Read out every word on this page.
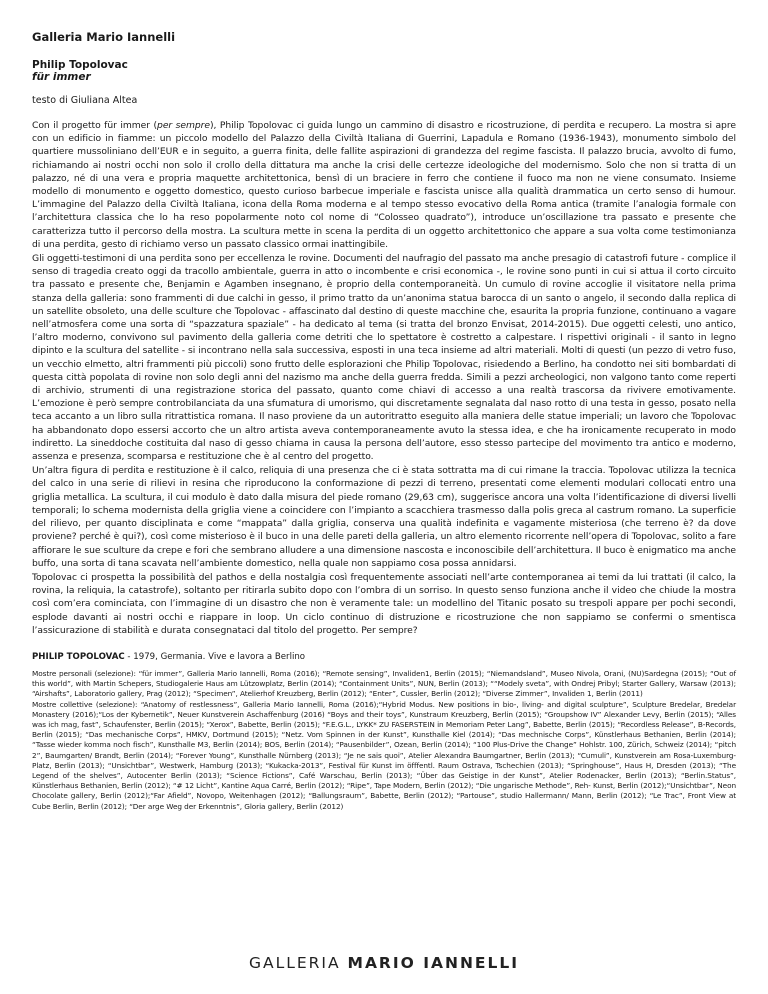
Galleria Mario Iannelli
Philip Topolovac
für immer
testo di Giuliana Altea

Con il progetto für immer (per sempre), Philip Topolovac ci guida lungo un cammino di disastro e ricostruzione, di perdita e recupero. La mostra si apre con un edificio in fiamme: un piccolo modello del Palazzo della Civiltà Italiana di Guerrini, Lapadula e Romano (1936-1943), monumento simbolo del quartiere mussoliniano dell’EUR e in seguito, a guerra finita, delle fallite aspirazioni di grandezza del regime fascista. Il palazzo brucia, avvolto di fumo, richiamando ai nostri occhi non solo il crollo della dittatura ma anche la crisi delle certezze ideologiche del modernismo. Solo che non si tratta di un palazzo, né di una vera e propria maquette architettonica, bensì di un braciere in ferro che contiene il fuoco ma non ne viene consumato. Insieme modello di monumento e oggetto domestico, questo curioso barbecue imperiale e fascista unisce alla qualità drammatica un certo senso di humour. L’immagine del Palazzo della Civiltà Italiana, icona della Roma moderna e al tempo stesso evocativo della Roma antica (tramite l’analogia formale con l’architettura classica che lo ha reso popolarmente noto col nome di “Colosseo quadrato”), introduce un’oscillazione tra passato e presente che caratterizza tutto il percorso della mostra. La scultura mette in scena la perdita di un oggetto architettonico che appare a sua volta come testimonianza di una perdita, gesto di richiamo verso un passato classico ormai inattingibile.

Gli oggetti-testimoni di una perdita sono per eccellenza le rovine. Documenti del naufragio del passato ma anche presagio di catastrofi future - complice il senso di tragedia creato oggi da tracollo ambientale, guerra in atto o incombente e crisi economica -, le rovine sono punti in cui si attua il corto circuito tra passato e presente che, Benjamin e Agamben insegnano, è proprio della contemporaneità. Un cumulo di rovine accoglie il visitatore nella prima stanza della galleria: sono frammenti di due calchi in gesso, il primo tratto da un’anonima statua barocca di un santo o angelo, il secondo dalla replica di un satellite obsoleto, una delle sculture che Topolovac - affascinato dal destino di queste macchine che, esaurita la propria funzione, continuano a vagare nell’atmosfera come una sorta di “spazzatura spaziale” - ha dedicato al tema (si tratta del bronzo Envisat, 2014-2015). Due oggetti celesti, uno antico, l’altro moderno, convivono sul pavimento della galleria come detriti che lo spettatore è costretto a calpestare. I rispettivi originali - il santo in legno dipinto e la scultura del satellite - si incontrano nella sala successiva, esposti in una teca insieme ad altri materiali. Molti di questi (un pezzo di vetro fuso, un vecchio elmetto, altri frammenti più piccoli) sono frutto delle esplorazioni che Philip Topolovac, risiedendo a Berlino, ha condotto nei siti bombardati di questa città popolata di rovine non solo degli anni del nazismo ma anche della guerra fredda. Simili a pezzi archeologici, non valgono tanto come reperti di archivio, strumenti di una registrazione storica del passato, quanto come chiavi di accesso a una realtà trascorsa da rivivere emotivamente. L’emozione è però sempre controbilanciata da una sfumatura di umorismo, qui discretamente segnalata dal naso rotto di una testa in gesso, posato nella teca accanto a un libro sulla ritrattistica romana. Il naso proviene da un autoritratto eseguito alla maniera delle statue imperiali; un lavoro che Topolovac ha abbandonato dopo essersi accorto che un altro artista aveva contemporaneamente avuto la stessa idea, e che ha ironicamente recuperato in modo indiretto. La sineddoche costituita dal naso di gesso chiama in causa la persona dell’autore, esso stesso partecipe del movimento tra antico e moderno, assenza e presenza, scomparsa e restituzione che è al centro del progetto.

Un’altra figura di perdita e restituzione è il calco, reliquia di una presenza che ci è stata sottratta ma di cui rimane la traccia. Topolovac utilizza la tecnica del calco in una serie di rilievi in resina che riproducono la conformazione di pezzi di terreno, presentati come elementi modulari collocati entro una griglia metallica. La scultura, il cui modulo è dato dalla misura del piede romano (29,63 cm), suggerisce ancora una volta l’identificazione di diversi livelli temporali; lo schema modernista della griglia viene a coincidere con l’impianto a scacchiera trasmesso dalla polis greca al castrum romano. La superficie del rilievo, per quanto disciplinata e come “mappata” dalla griglia, conserva una qualità indefinita e vagamente misteriosa (che terreno è? da dove proviene? perché è qui?), così come misterioso è il buco in una delle pareti della galleria, un altro elemento ricorrente nell’opera di Topolovac, solito a fare affiorare le sue sculture da crepe e fori che sembrano alludere a una dimensione nascosta e inconoscibile dell’architettura. Il buco è enigmatico ma anche buffo, una sorta di tana scavata nell’ambiente domestico, nella quale non sappiamo cosa possa annidarsi.

Topolovac ci prospetta la possibilità del pathos e della nostalgia così frequentemente associati nell’arte contemporanea ai temi da lui trattati (il calco, la rovina, la reliquia, la catastrofe), soltanto per ritirarla subito dopo con l’ombra di un sorriso. In questo senso funziona anche il video che chiude la mostra così com’era cominciata, con l’immagine di un disastro che non è veramente tale: un modellino del Titanic posato su trespoli appare per pochi secondi, esplode davanti ai nostri occhi e riappare in loop. Un ciclo continuo di distruzione e ricostruzione che non sappiamo se confermi o smentisca l’assicurazione di stabilità e durata consegnataci dal titolo del progetto. Per sempre?

PHILIP TOPOLOVAC - 1979, Germania. Vive e lavora a Berlino

Mostre personali (selezione): “für immer”, Galleria Mario Iannelli, Roma (2016); “Remote sensing”, Invaliden1, Berlin (2015); “Niemandsland”, Museo Nivola, Orani, (NU)Sardegna (2015); “Out of this world”, with Martin Schepers, Studiogalerie Haus am Lützowplatz, Berlin (2014); “Containment Units”, NUN, Berlin (2013); ““Modely sveta”, with Ondrej Pribyl; Starter Gallery, Warsaw (2013); “Airshafts”, Laboratorio gallery, Prag (2012); “Specimen”, Atelierhof Kreuzberg, Berlin (2012); “Enter”, Cussler, Berlin (2012); “Diverse Zimmer”, Invaliden 1, Berlin (2011)

Mostre collettive (selezione): “Anatomy of restlessness”, Galleria Mario Iannelli, Roma (2016);“Hybrid Modus. New positions in bio-, living- and digital sculpture”, Sculpture Bredelar, Bredelar Monastery (2016);“Los der Kybernetik”, Neuer Kunstverein Aschaffenburg (2016) “Boys and their toys”, Kunstraum Kreuzberg, Berlin (2015); “Groupshow IV” Alexander Levy, Berlin (2015); “Alles was ich mag, fast”, Schaufenster, Berlin (2015); “Xerox”, Babette, Berlin (2015); “F.E.G.L., LYKK* ZU FASERSTEIN in Memoriam Peter Lang”, Babette, Berlin (2015); “Recordless Release”, B-Records, Berlin (2015); “Das mechanische Corps”, HMKV, Dortmund (2015); “Netz. Vom Spinnen in der Kunst”, Kunsthalle Kiel (2014); “Das mechnische Corps”, Künstlerhaus Bethanien, Berlin (2014); “Tasse wieder komma noch fisch”, Kunsthalle M3, Berlin (2014); BOS, Berlin (2014); “Pausenbilder”, Ozean, Berlin (2014); “100 Plus-Drive the Change” Hohlstr. 100, Zürich, Schweiz (2014); “pitch 2”, Baumgarten/ Brandt, Berlin (2014); “Forever Young”, Kunsthalle Nürnberg (2013); “Je ne sais quoi”, Atelier Alexandra Baumgartner, Berlin (2013); “Cumuli”, Kunstverein am Rosa-Luxemburg-Platz, Berlin (2013); “Unsichtbar”, Westwerk, Hamburg (2013); “Kukacka-2013”, Festival für Kunst im öfffentl. Raum Ostrava, Tschechien (2013); “Springhouse”, Haus H, Dresden (2013); “The Legend of the shelves”, Autocenter Berlin (2013); “Science Fictions”, Café Warschau, Berlin (2013); “Über das Geistige in der Kunst”, Atelier Rodenacker, Berlin (2013); “Berlin.Status”, Künstlerhaus Bethanien, Berlin (2012); “# 12 Licht”, Kantine Aqua Carré, Berlin (2012); “Ripe”, Tape Modern, Berlin (2012); “Die ungarische Methode”, Reh- Kunst, Berlin (2012);“Unsichtbar”, Neon Chocolate gallery, Berlin (2012);“Far Afield”, Novopo, Weitenhagen (2012); “Ballungsraum”, Babette, Berlin (2012); “Partouse”, studio Hallermann/ Mann, Berlin (2012); “Le Trac”, Front View at Cube Berlin, Berlin (2012); “Der arge Weg der Erkenntnis”, Gloria gallery, Berlin (2012)

GALLERIA MARIO IANNELLI
